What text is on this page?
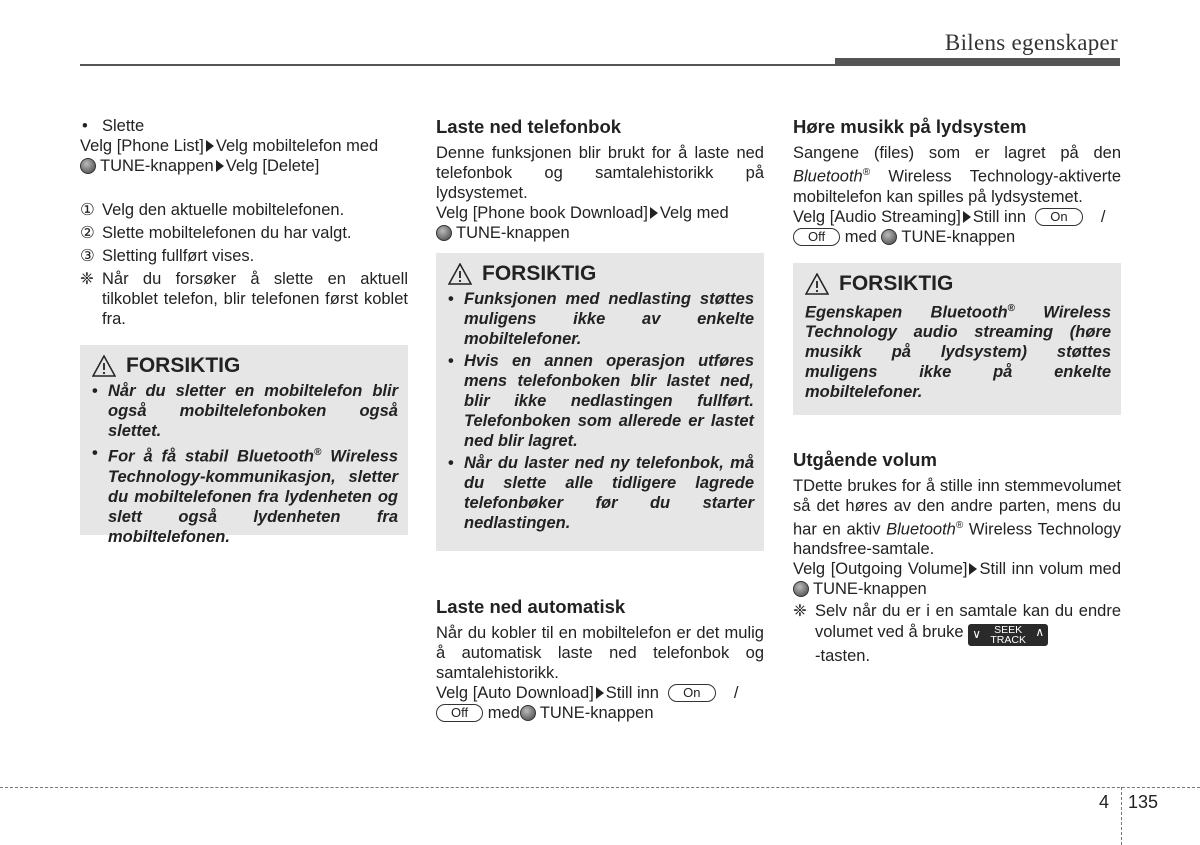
Bilens egenskaper

• Slette

Velg [Phone List] Velg mobiltelefon med
TUNE-knappen Velg [Delete]

① Velg den aktuelle mobiltelefonen.
② Slette mobiltelefonen du har valgt.
③ Sletting fullført vises.

❈ Når du forsøker å slette en aktuell tilkoblet telefon, blir telefonen først koblet fra.

FORSIKTIG
• Når du sletter en mobiltelefon blir også mobiltelefonboken også slettet.
• For å få stabil Bluetooth® Wireless Technology-kommunikasjon, sletter du mobiltelefonen fra lydenheten og slett også lydenheten fra mobiltelefonen.
Laste ned telefonbok

Denne funksjonen blir brukt for å laste ned telefonbok og samtalehistorikk på lydsystemet.

Velg [Phone book Download] Velg med
TUNE-knappen

FORSIKTIG
• Funksjonen med nedlasting støttes muligens ikke av enkelte mobiltelefoner.
• Hvis en annen operasjon utføres mens telefonboken blir lastet ned, blir ikke nedlastingen fullført. Telefonboken som allerede er lastet ned blir lagret.
• Når du laster ned ny telefonbok, må du slette alle tidligere lagrede telefonbøker før du starter nedlastingen.
Laste ned automatisk

Når du kobler til en mobiltelefon er det mulig å automatisk laste ned telefonbok og samtalehistorikk.

Velg [Auto Download] Still inn On /
Off med TUNE-knappen

Høre musikk på lydsystem

Sangene (files) som er lagret på den Bluetooth® Wireless Technology-aktiverte mobiltelefon kan spilles på lydsystemet.

Velg [Audio Streaming] Still inn On /
Off med TUNE-knappen

FORSIKTIG
Egenskapen Bluetooth® Wireless Technology audio streaming (høre musikk på lydsystem) støttes muligens ikke på enkelte mobiltelefoner.
Utgående volum

TDette brukes for å stille inn stemmevolumet så det høres av den andre parten, mens du har en aktiv Bluetooth® Wireless Technology handsfree-samtale.

Velg [Outgoing Volume] Still inn volum med TUNE-knappen

❈ Selv når du er i en samtale kan du endre volumet ved å bruke ∨	SEEK
TRACK
∧

-tasten.

4 135
